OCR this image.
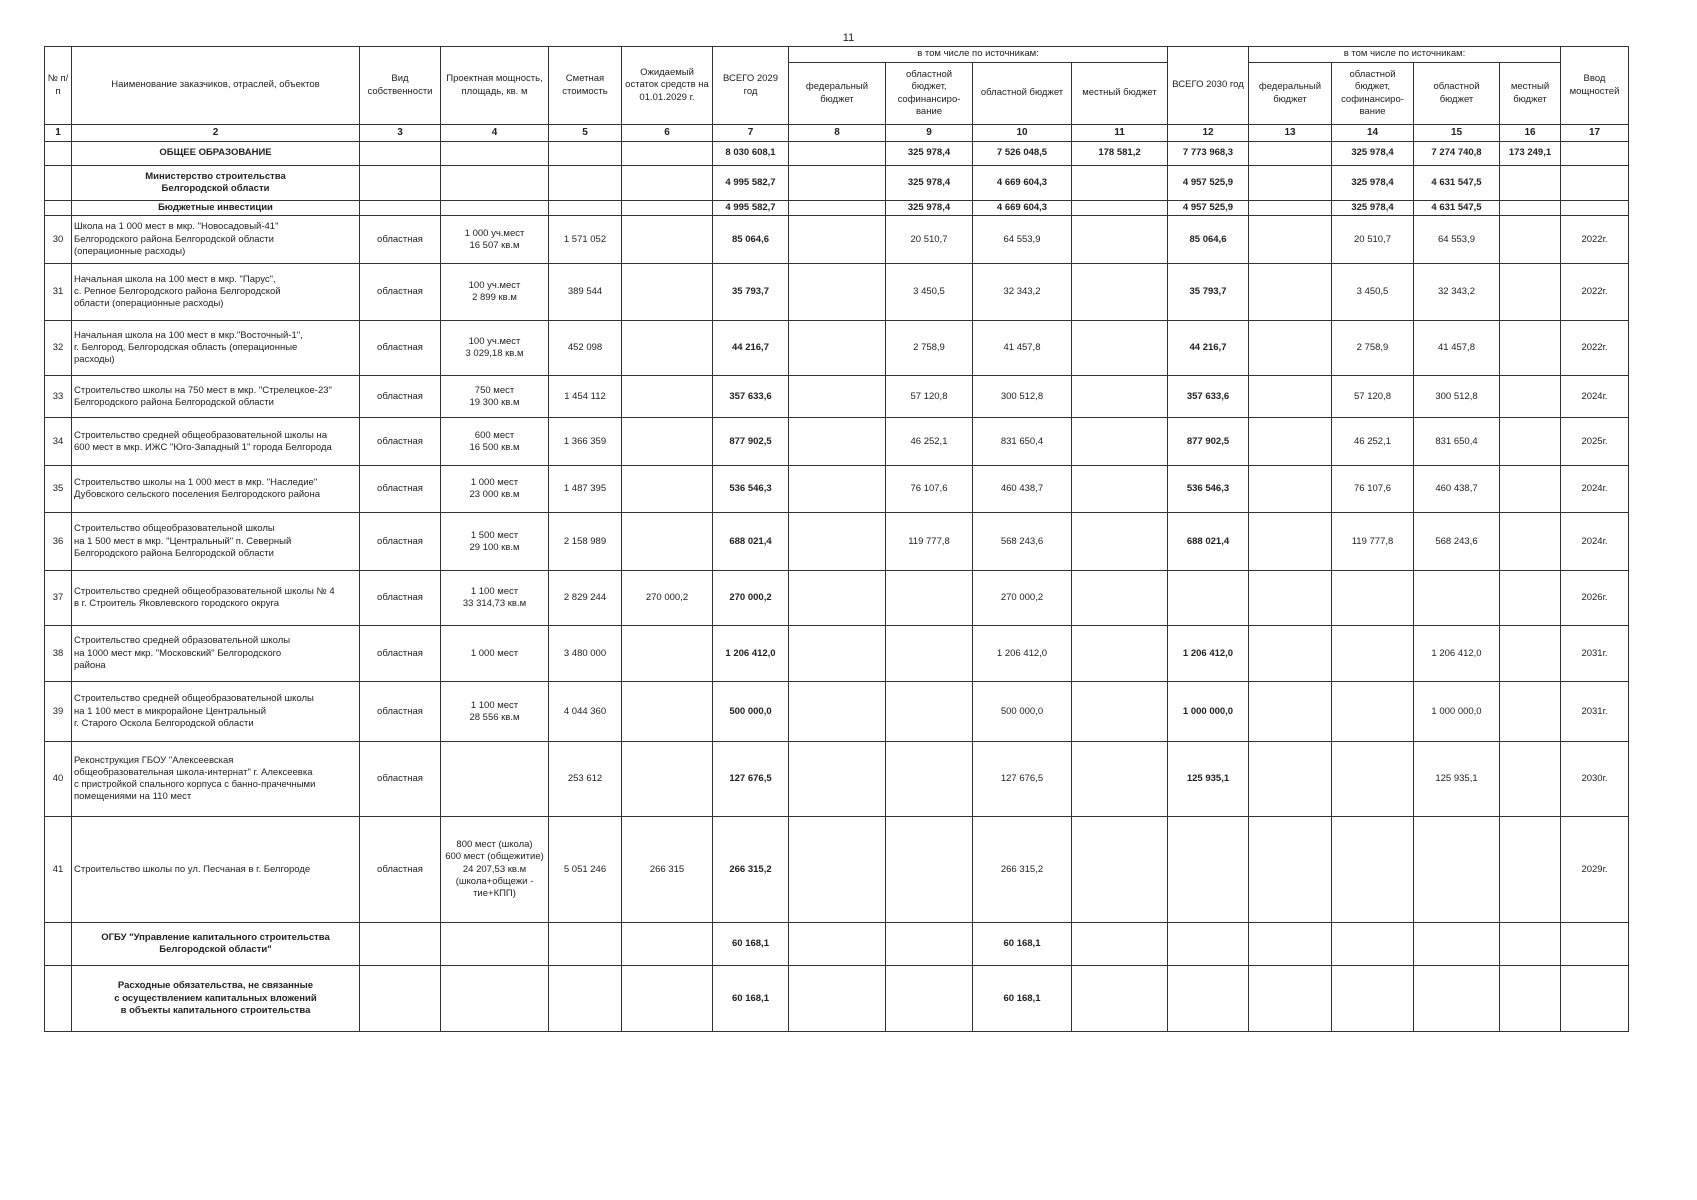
11
№ п/п	Наименование заказчиков, отраслей, объектов	Вид собственности	Проектная мощность, площадь, кв. м	Сметная стоимость	Ожидаемый остаток средств на 01.01.2029 г.	ВСЕГО 2029 год	в том числе по источникам:				ВСЕГО 2030 год	в том числе по источникам:				Ввод мощностей
							федеральный бюджет	областной бюджет, софинансиро- вание	областной бюджет	местный бюджет		федеральный бюджет	областной бюджет, софинансиро- вание	областной бюджет	местный бюджет	
1	2	3	4	5	6	7	8	9	10	11	12	13	14	15	16	17
	ОБЩЕЕ ОБРАЗОВАНИЕ					8 030 608,1		325 978,4	7 526 048,5	178 581,2	7 773 968,3		325 978,4	7 274 740,8	173 249,1	
	Министерство строительства
Белгородской области					4 995 582,7		325 978,4	4 669 604,3		4 957 525,9		325 978,4	4 631 547,5		
	Бюджетные инвестиции					4 995 582,7		325 978,4	4 669 604,3		4 957 525,9		325 978,4	4 631 547,5		
30	Школа на 1 000 мест в мкр. "Новосадовый-41"
Белгородского района Белгородской области
(операционные расходы)	областная	1 000 уч.мест
16 507 кв.м	1 571 052		85 064,6		20 510,7	64 553,9		85 064,6		20 510,7	64 553,9		2022г.
31	Начальная школа на 100 мест в мкр. "Парус",
с. Репное Белгородского района Белгородской
области (операционные расходы)	областная	100 уч.мест
2 899 кв.м	389 544		35 793,7		3 450,5	32 343,2		35 793,7		3 450,5	32 343,2		2022г.
32	Начальная школа на 100 мест в мкр."Восточный-1",
г. Белгород, Белгородская область (операционные
расходы)	областная	100 уч.мест
3 029,18 кв.м	452 098		44 216,7		2 758,9	41 457,8		44 216,7		2 758,9	41 457,8		2022г.
33	Строительство школы на 750 мест в мкр. "Стрелецкое-23"
Белгородского района Белгородской области	областная	750 мест
19 300 кв.м	1 454 112		357 633,6		57 120,8	300 512,8		357 633,6		57 120,8	300 512,8		2024г.
34	Строительство средней общеобразовательной школы на
600 мест в мкр. ИЖС "Юго-Западный 1" города Белгорода	областная	600 мест
16 500 кв.м	1 366 359		877 902,5		46 252,1	831 650,4		877 902,5		46 252,1	831 650,4		2025г.
35	Строительство школы на 1 000 мест в мкр. "Наследие"
Дубовского сельского поселения Белгородского района	областная	1 000 мест
23 000 кв.м	1 487 395		536 546,3		76 107,6	460 438,7		536 546,3		76 107,6	460 438,7		2024г.
36	Строительство общеобразовательной школы
на 1 500 мест в мкр. "Центральный" п. Северный
Белгородского района Белгородской области	областная	1 500 мест
29 100 кв.м	2 158 989		688 021,4		119 777,8	568 243,6		688 021,4		119 777,8	568 243,6		2024г.
37	Строительство средней общеобразовательной школы № 4
в г. Строитель Яковлевского городского округа	областная	1 100 мест
33 314,73 кв.м	2 829 244	270 000,2	270 000,2			270 000,2							2026г.
38	Строительство средней образовательной школы
на 1000 мест мкр. "Московский" Белгородского
района	областная	1 000 мест	3 480 000		1 206 412,0			1 206 412,0		1 206 412,0			1 206 412,0		2031г.
39	Строительство средней общеобразовательной школы
на 1 100 мест в микрорайоне Центральный
г. Старого Оскола Белгородской области	областная	1 100 мест
28 556 кв.м	4 044 360		500 000,0			500 000,0		1 000 000,0			1 000 000,0		2031г.
40	Реконструкция ГБОУ "Алексеевская
общеобразовательная школа-интернат" г. Алексеевка
с пристройкой спального корпуса с банно-прачечными
помещениями на 110 мест	областная		253 612		127 676,5			127 676,5		125 935,1			125 935,1		2030г.
41	Строительство школы по ул. Песчаная в г. Белгороде	областная	800 мест (школа)
600 мест (общежитие)
24 207,53 кв.м
(школа+общежи -
тие+КПП)	5 051 246	266 315	266 315,2			266 315,2							2029г.
	ОГБУ "Управление капитального строительства
Белгородской области"					60 168,1			60 168,1							
	Расходные обязательства, не связанные
с осуществлением капитальных вложений
в объекты капитального строительства					60 168,1			60 168,1							
